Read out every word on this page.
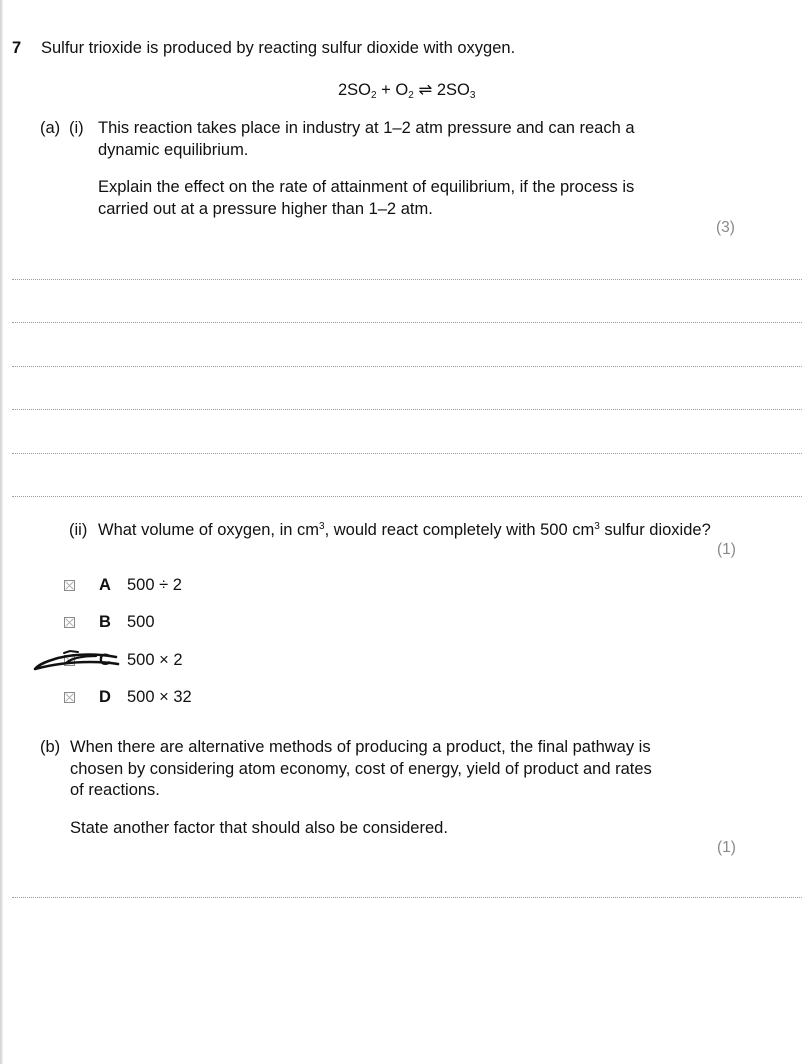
7 Sulfur trioxide is produced by reacting sulfur dioxide with oxygen.
$2SO_2 + O_2$ ⇌ $2SO_3$
(a) (i) This reaction takes place in industry at 1–2 atm pressure and can reach a
dynamic equilibrium.
Explain the effect on the rate of attainment of equilibrium, if the process is
carried out at a pressure higher than 1–2 atm.
(3)
(ii) What volume of oxygen, in $cm^3$, would react completely with 500 $cm^3$ sulfur dioxide?
(1)
A 500 ÷ 2
B 500
C 500 × 2
D 500 × 32
(b) When there are alternative methods of producing a product, the final pathway is
chosen by considering atom economy, cost of energy, yield of product and rates
of reactions.
State another factor that should also be considered.
(1)
